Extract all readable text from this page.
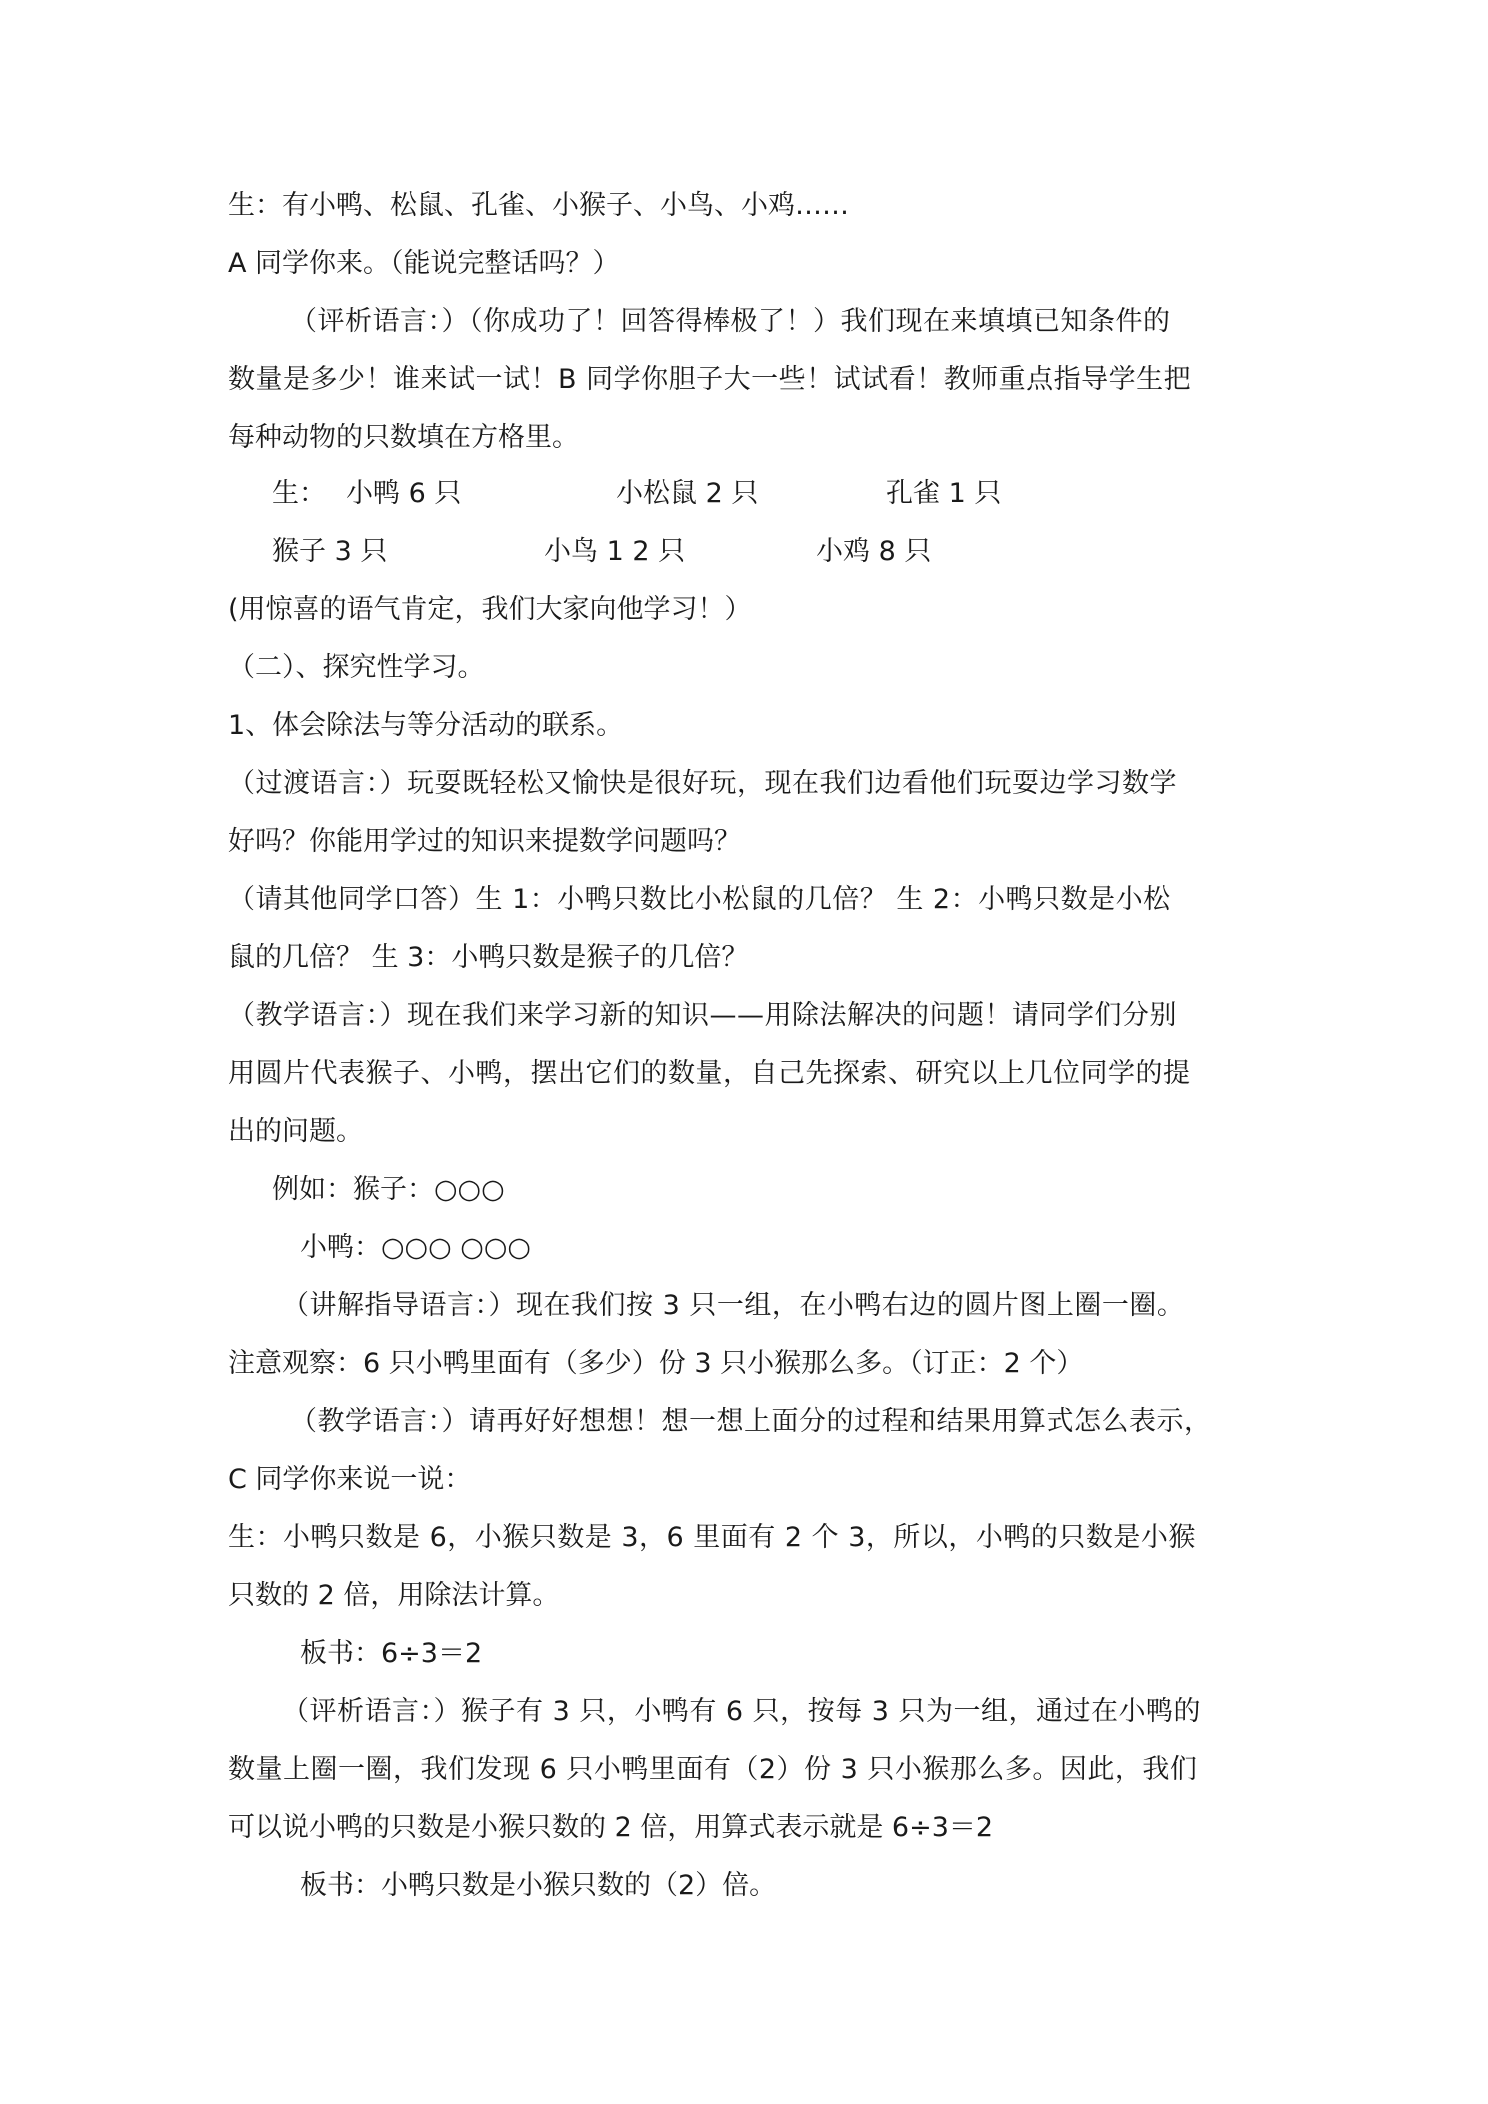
生：有小鸭、松鼠、孔雀、小猴子、小鸟、小鸡……
A 同学你来。（能说完整话吗？）
（评析语言：）（你成功了！回答得棒极了！）我们现在来填填已知条件的
数量是多少！谁来试一试！B 同学你胆子大一些！试试看！教师重点指导学生把
每种动物的只数填在方格里。
生： 小鸭 6 只	小松鼠 2 只	孔雀 1 只
猴子 3 只	小鸟 1 2 只	小鸡 8 只
(用惊喜的语气肯定，我们大家向他学习！）
（二）、探究性学习。
1、体会除法与等分活动的联系。
（过渡语言：）玩耍既轻松又愉快是很好玩，现在我们边看他们玩耍边学习数学
好吗？你能用学过的知识来提数学问题吗？
（请其他同学口答）生 1：小鸭只数比小松鼠的几倍？ 生 2：小鸭只数是小松
鼠的几倍？ 生 3：小鸭只数是猴子的几倍？
（教学语言：）现在我们来学习新的知识——用除法解决的问题！请同学们分别
用圆片代表猴子、小鸭，摆出它们的数量，自己先探索、研究以上几位同学的提
出的问题。
例如：猴子：○○○
小鸭：○○○ ○○○
（讲解指导语言：）现在我们按 3 只一组，在小鸭右边的圆片图上圈一圈。
注意观察：6 只小鸭里面有（多少）份 3 只小猴那么多。（订正：2 个）
（教学语言：）请再好好想想！想一想上面分的过程和结果用算式怎么表示，
C 同学你来说一说：
生：小鸭只数是 6，小猴只数是 3，6 里面有 2 个 3，所以，小鸭的只数是小猴
只数的 2 倍，用除法计算。
板书：6÷3＝2
（评析语言：）猴子有 3 只，小鸭有 6 只，按每 3 只为一组，通过在小鸭的
数量上圈一圈，我们发现 6 只小鸭里面有（2）份 3 只小猴那么多。因此，我们
可以说小鸭的只数是小猴只数的 2 倍，用算式表示就是 6÷3＝2
板书：小鸭只数是小猴只数的（2）倍。
